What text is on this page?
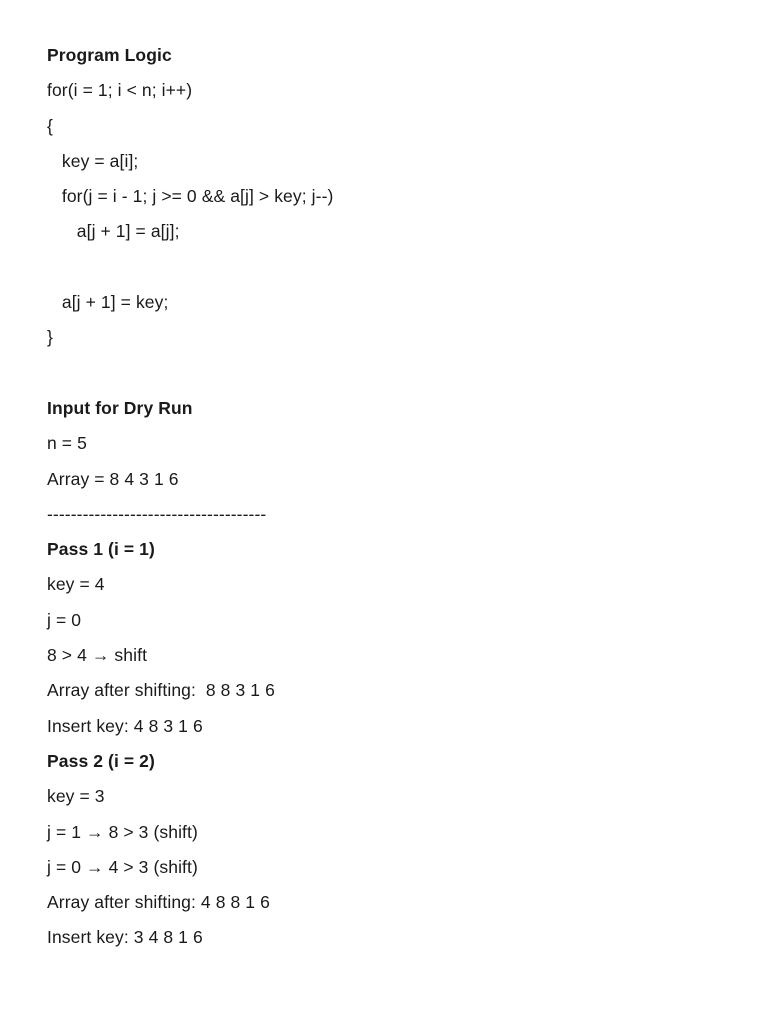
Program Logic
for(i = 1; i < n; i++)
{
key = a[i];
for(j = i - 1; j >= 0 && a[j] > key; j--)
a[j + 1] = a[j];
a[j + 1] = key;
}
Input for Dry Run
n = 5
Array = 8 4 3 1 6
-------------------------------------
Pass 1 (i = 1)
key = 4
j = 0
8 > 4 → shift
Array after shifting:  8 8 3 1 6
Insert key: 4 8 3 1 6
Pass 2 (i = 2)
key = 3
j = 1 → 8 > 3 (shift)
j = 0 → 4 > 3 (shift)
Array after shifting: 4 8 8 1 6
Insert key: 3 4 8 1 6
